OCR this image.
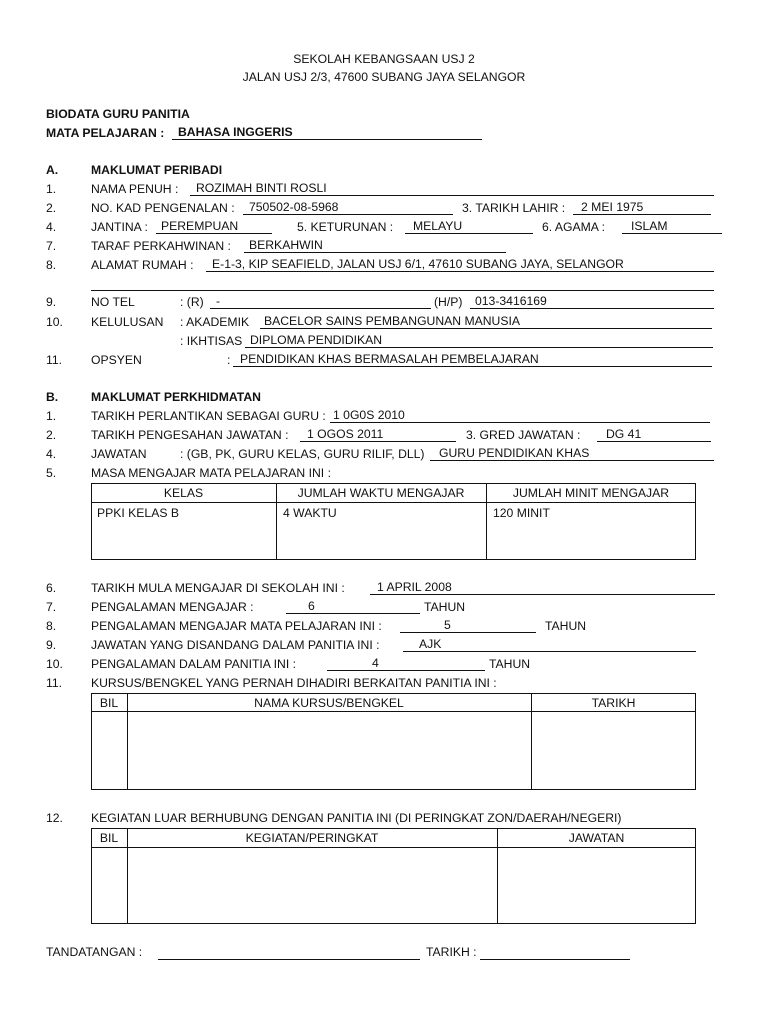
SEKOLAH KEBANGSAAN USJ 2
JALAN USJ 2/3, 47600 SUBANG JAYA SELANGOR
BIODATA GURU PANITIA
MATA PELAJARAN : BAHASA INGGERIS
A.	MAKLUMAT PERIBADI
1.	NAMA PENUH : ROZIMAH BINTI ROSLI
2.	NO. KAD PENGENALAN : 750502-08-5968	3. TARIKH LAHIR : 2 MEI 1975
4.	JANTINA : PEREMPUAN	5. KETURUNAN : MELAYU	6. AGAMA : ISLAM
7.	TARAF PERKAHWINAN : BERKAHWIN
8.	ALAMAT RUMAH : E-1-3, KIP SEAFIELD, JALAN USJ 6/1, 47610 SUBANG JAYA, SELANGOR
9.	NO TEL	: (R) -	(H/P) 013-3416169
10. KELULUSAN : AKADEMIK BACELOR SAINS PEMBANGUNAN MANUSIA
: IKHTISAS DIPLOMA PENDIDIKAN
11. OPSYEN	: PENDIDIKAN KHAS BERMASALAH PEMBELAJARAN
B.	MAKLUMAT PERKHIDMATAN
1.	TARIKH PERLANTIKAN SEBAGAI GURU : 1 0G0S 2010
2.	TARIKH PENGESAHAN JAWATAN : 1 OGOS 2011	3. GRED JAWATAN : DG 41
4.	JAWATAN	: (GB, PK, GURU KELAS, GURU RILIF, DLL) GURU PENDIDIKAN KHAS
5.	MASA MENGAJAR MATA PELAJARAN INI :
KELAS	JUMLAH WAKTU MENGAJAR	JUMLAH MINIT MENGAJAR
PPKI KELAS B	4 WAKTU	120 MINIT
6.	TARIKH MULA MENGAJAR DI SEKOLAH INI :	1 APRIL 2008
7.	PENGALAMAN MENGAJAR :	6	TAHUN
8.	PENGALAMAN MENGAJAR MATA PELAJARAN INI :	5	TAHUN
9.	JAWATAN YANG DISANDANG DALAM PANITIA INI :	AJK
10. PENGALAMAN DALAM PANITIA INI :	4	TAHUN
11. KURSUS/BENGKEL YANG PERNAH DIHADIRI BERKAITAN PANITIA INI :
BIL	NAMA KURSUS/BENGKEL	TARIKH
12. KEGIATAN LUAR BERHUBUNG DENGAN PANITIA INI (DI PERINGKAT ZON/DAERAH/NEGERI)
BIL	KEGIATAN/PERINGKAT	JAWATAN
TANDATANGAN :	TARIKH :
